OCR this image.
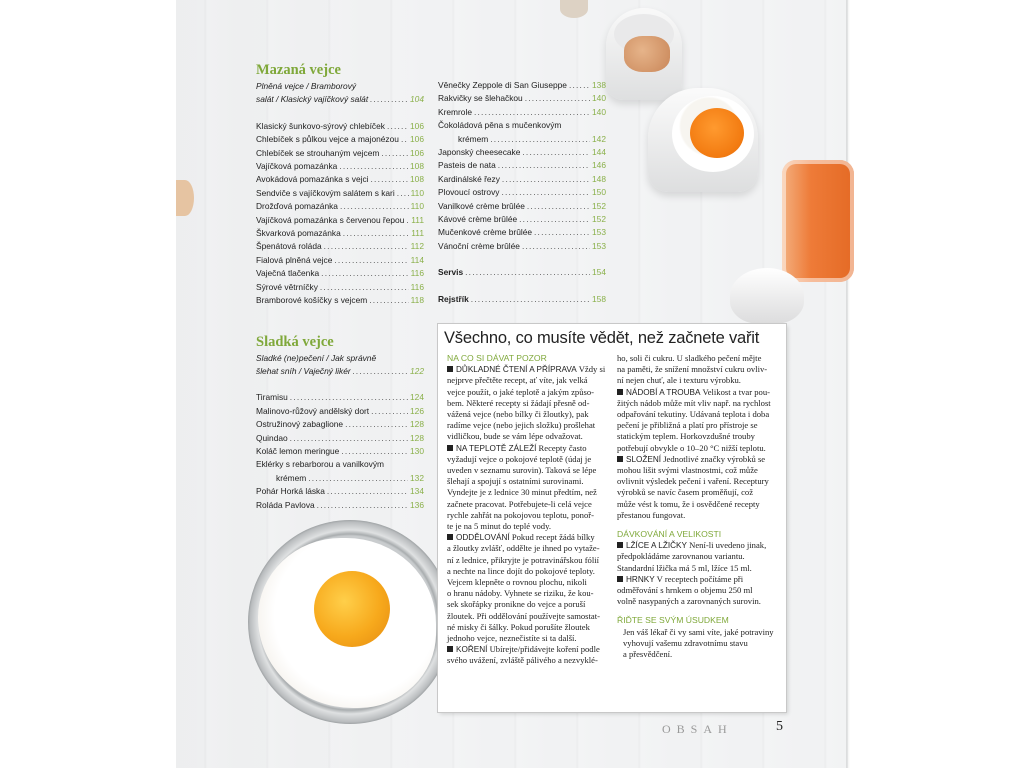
Mazaná vejce
Plněná vejce / Bramborový
salát / Klasický vajíčkový salát .....	104
Klasický šunkovo-sýrový chlebíček .....	106
Chlebíček s půlkou vejce a majonézou ..... 106
Chlebíček se strouhaným vejcem .....	106
Vajíčková pomazánka .....	108
Avokádová pomazánka s vejci .....	108
Sendviče s vajíčkovým salátem s kari ..... 110
Drožďová pomazánka .....	110
Vajíčková pomazánka s červenou řepou ..... 111
Škvarková pomazánka .....	111
Špenátová roláda .....	112
Fialová plněná vejce .....	114
Vaječná tlačenka .....	116
Sýrové větrníčky .....	116
Bramborové košíčky s vejcem .....	118
Sladká vejce
Sladké (ne)pečení / Jak správně
šlehat sníh / Vaječný likér .....	122
Tiramisu .....	124
Malinovo-růžový andělský dort .....	126
Ostružinový zabaglione .....	128
Quindao .....	128
Koláč lemon meringue .....	130
Eklérky s rebarborou a vanilkovým
krémem .....	132
Pohár Horká láska .....	134
Roláda Pavlova .....	136
Věnečky Zeppole di San Giuseppe .....	138
Rakvičky se šlehačkou .....	140
Kremrole .....	140
Čokoládová pěna s mučenkovým
krémem .....	142
Japonský cheesecake .....	144
Pasteis de nata .....	146
Kardinálské řezy .....	148
Plovoucí ostrovy .....	150
Vanilkové crème brûlée .....	152
Kávové crème brûlée .....	152
Mučenkové crème brûlée .....	153
Vánoční crème brûlée .....	153
Servis .....	154
Rejstřík .....	158
Všechno, co musíte vědět, než začnete vařit

NA CO SI DÁVAT POZOR

DŮKLADNÉ ČTENÍ A PŘÍPRAVA Vždy si

nejprve přečtěte recept, ať víte, jak velká

vejce použít, o jaké teplotě a jakým způso-

bem. Některé recepty si žádají přesně od-

vážená vejce (nebo bílky či žloutky), pak

radíme vejce (nebo jejich složku) prošlehat

vidličkou, bude se vám lépe odvažovat.

NA TEPLOTĚ ZÁLEŽÍ Recepty často

vyžadují vejce o pokojové teplotě (údaj je

uveden v seznamu surovin). Taková se lépe

šlehají a spojují s ostatními surovinami.

Vyndejte je z lednice 30 minut předtím, než

začnete pracovat. Potřebujete-li celá vejce

rychle zahřát na pokojovou teplotu, ponoř-

te je na 5 minut do teplé vody.

ODDĚLOVÁNÍ Pokud recept žádá bílky

a žloutky zvlášť, oddělte je ihned po vytaže-

ní z lednice, přikryjte je potravinářskou fólií

a nechte na lince dojít do pokojové teploty.

Vejcem klepněte o rovnou plochu, nikoli

o hranu nádoby. Vyhnete se riziku, že kou-

sek skořápky pronikne do vejce a poruší

žloutek. Při oddělování používejte samostat-

né misky či šálky. Pokud porušíte žloutek

jednoho vejce, neznečistíte si ta další.

KOŘENÍ Ubírejte/přidávejte koření podle

svého uvážení, zvláště pálivého a nezvyklé-

ho, soli či cukru. U sladkého pečení mějte

na paměti, že snížení množství cukru ovliv-

ní nejen chuť, ale i texturu výrobku.

NÁDOBÍ A TROUBA Velikost a tvar pou-

žitých nádob může mít vliv např. na rychlost

odpařování tekutiny. Udávaná teplota i doba

pečení je přibližná a platí pro přístroje se

statickým teplem. Horkovzdušné trouby

potřebují obvykle o 10–20 °C nižší teplotu.

SLOŽENÍ Jednotlivé značky výrobků se

mohou lišit svými vlastnostmi, což může

ovlivnit výsledek pečení i vaření. Receptury

výrobků se navíc časem proměňují, což

může vést k tomu, že i osvědčené recepty

přestanou fungovat.

DÁVKOVÁNÍ A VELIKOSTI

LŽÍCE A LŽIČKY Není-li uvedeno jinak,

předpokládáme zarovnanou variantu.

Standardní lžička má 5 ml, lžíce 15 ml.

HRNKY V receptech počítáme při

odměřování s hrnkem o objemu 250 ml

volně nasypaných a zarovnaných surovin.

ŘIĎTE SE SVÝM ÚSUDKEM

Jen váš lékař či vy sami víte, jaké potraviny

vyhovují vašemu zdravotnímu stavu

a přesvědčení.

OBSAH	5
